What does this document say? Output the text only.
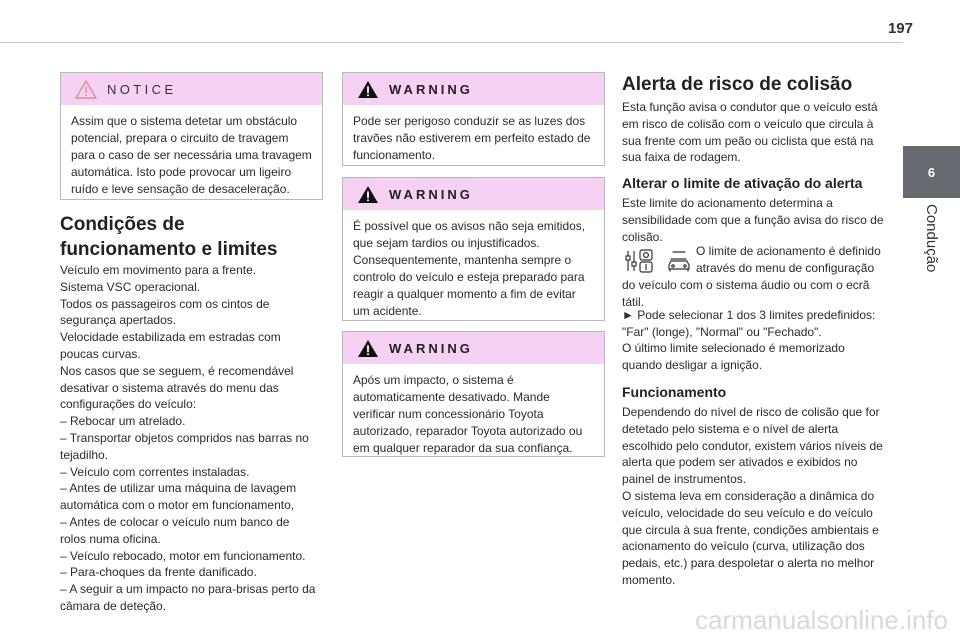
197
6
Condução
NOTICE
Assim que o sistema detetar um obstáculo potencial, prepara o circuito de travagem para o caso de ser necessária uma travagem automática. Isto pode provocar um ligeiro ruído e leve sensação de desaceleração.
Condições de
funcionamento e limites
Veículo em movimento para a frente.
Sistema VSC operacional.
Todos os passageiros com os cintos de
segurança apertados.
Velocidade estabilizada em estradas com
poucas curvas.
Nos casos que se seguem, é recomendável
desativar o sistema através do menu das
configurações do veículo:
– Rebocar um atrelado.
– Transportar objetos compridos nas barras no
tejadilho.
– Veículo com correntes instaladas.
– Antes de utilizar uma máquina de lavagem
automática com o motor em funcionamento,
– Antes de colocar o veículo num banco de
rolos numa oficina.
– Veículo rebocado, motor em funcionamento.
– Para-choques da frente danificado.
– A seguir a um impacto no para-brisas perto da
câmara de deteção.
WARNING
Pode ser perigoso conduzir se as luzes dos travões não estiverem em perfeito estado de funcionamento.
WARNING
É possível que os avisos não seja emitidos, que sejam tardios ou injustificados. Consequentemente, mantenha sempre o controlo do veículo e esteja preparado para reagir a qualquer momento a fim de evitar um acidente.
WARNING
Após um impacto, o sistema é automaticamente desativado. Mande verificar num concessionário Toyota autorizado, reparador Toyota autorizado ou em qualquer reparador da sua confiança.
Alerta de risco de colisão
Esta função avisa o condutor que o veículo está em risco de colisão com o veículo que circula à sua frente com um peão ou ciclista que está na sua faixa de rodagem.
Alterar o limite de ativação do alerta
Este limite do acionamento determina a sensibilidade com que a função avisa do risco de colisão.
O limite de acionamento é definido
através do menu de configuração
do veículo com o sistema áudio ou com o ecrã tátil.
► Pode selecionar 1 dos 3 limites predefinidos: "Far" (longe), "Normal" ou "Fechado".
O último limite selecionado é memorizado quando desligar a ignição.
Funcionamento
Dependendo do nível de risco de colisão que for detetado pelo sistema e o nível de alerta escolhido pelo condutor, existem vários níveis de alerta que podem ser ativados e exibidos no painel de instrumentos.
O sistema leva em consideração a dinâmica do veículo, velocidade do seu veículo e do veículo que circula à sua frente, condições ambientais e acionamento do veículo (curva, utilização dos pedais, etc.) para despoletar o alerta no melhor momento.
carmanualsonline.info
